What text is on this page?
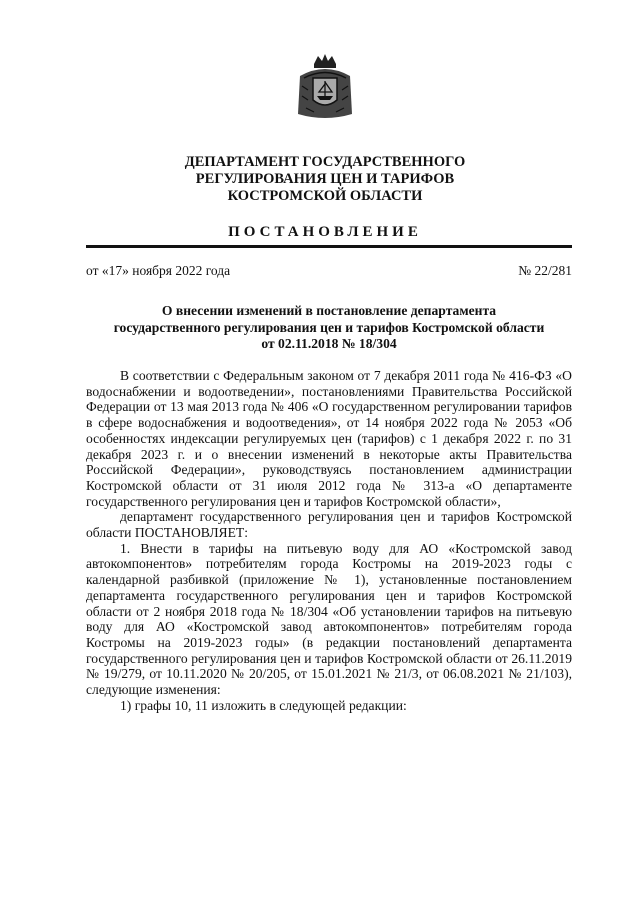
ДЕПАРТАМЕНТ ГОСУДАРСТВЕННОГО
РЕГУЛИРОВАНИЯ ЦЕН И ТАРИФОВ
КОСТРОМСКОЙ ОБЛАСТИ
ПОСТАНОВЛЕНИЕ
от «17» ноября 2022 года	№ 22/281
О внесении изменений в постановление департамента
государственного регулирования цен и тарифов Костромской области
от 02.11.2018 № 18/304

В соответствии с Федеральным законом от 7 декабря 2011 года № 416-ФЗ «О водоснабжении и водоотведении», постановлениями Правительства Российской Федерации от 13 мая 2013 года № 406 «О государственном регулировании тарифов в сфере водоснабжения и водоотведения», от 14 ноября 2022 года № 2053 «Об особенностях индексации регулируемых цен (тарифов) с 1 декабря 2022 г. по 31 декабря 2023 г. и о внесении изменений в некоторые акты Правительства Российской Федерации», руководствуясь постановлением администрации Костромской области от 31 июля 2012 года № 313-а «О департаменте государственного регулирования цен и тарифов Костромской области»,

департамент государственного регулирования цен и тарифов Костромской области ПОСТАНОВЛЯЕТ:

1. Внести в тарифы на питьевую воду для АО «Костромской завод автокомпонентов» потребителям города Костромы на 2019-2023 годы с календарной разбивкой (приложение № 1), установленные постановлением департамента государственного регулирования цен и тарифов Костромской области от 2 ноября 2018 года № 18/304 «Об установлении тарифов на питьевую воду для АО «Костромской завод автокомпонентов» потребителям города Костромы на 2019-2023 годы» (в редакции постановлений департамента государственного регулирования цен и тарифов Костромской области от 26.11.2019 № 19/279, от 10.11.2020 № 20/205, от 15.01.2021 № 21/3, от 06.08.2021 № 21/103), следующие изменения:

1) графы 10, 11 изложить в следующей редакции:
